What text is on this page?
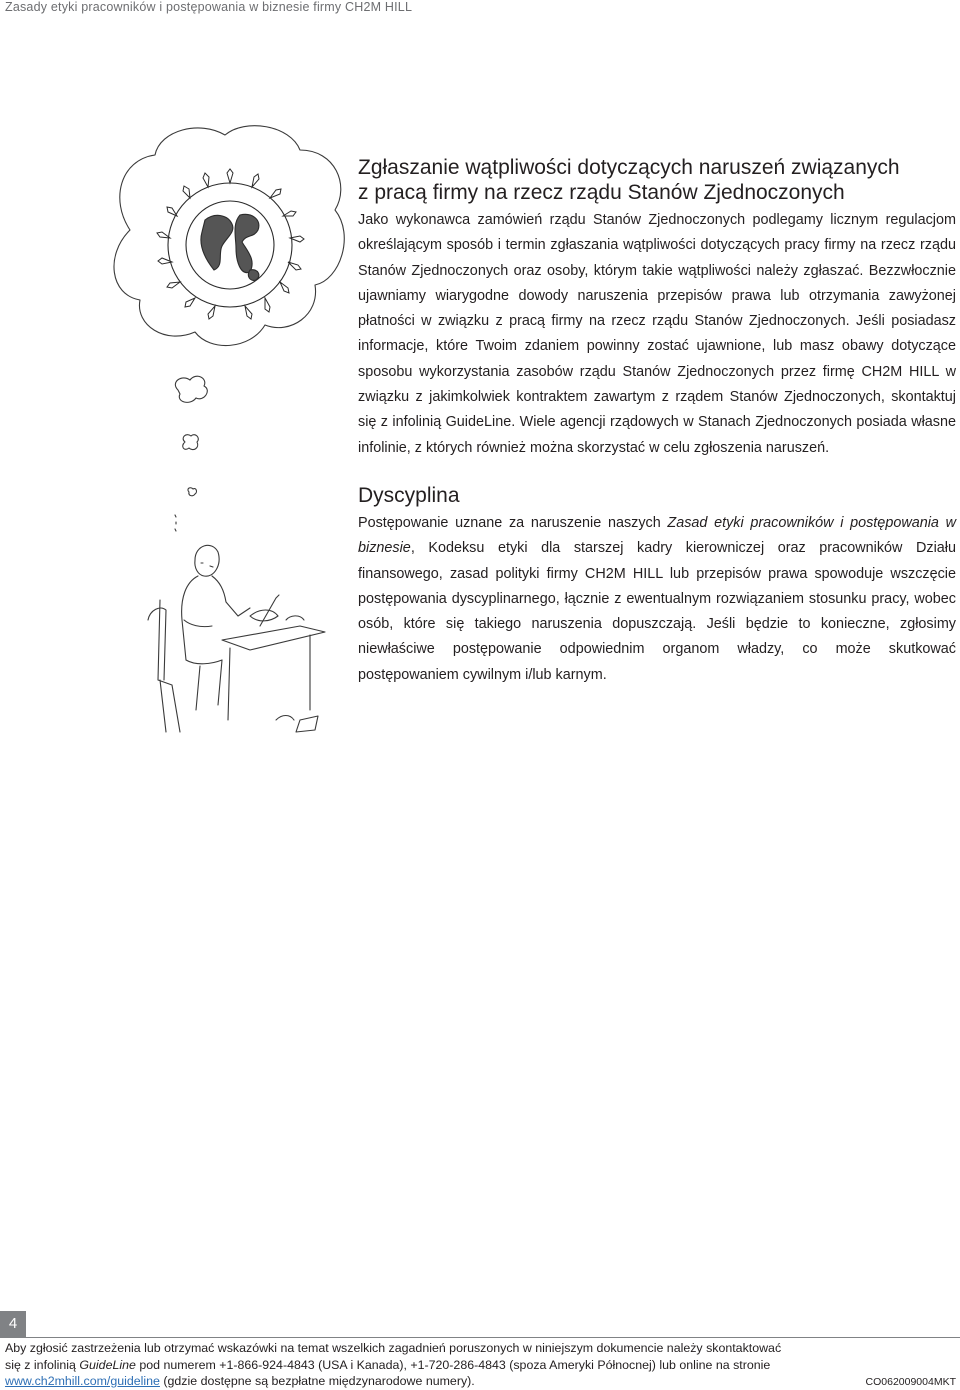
Zasady etyki pracowników i postępowania w biznesie firmy CH2M HILL
Zgłaszanie wątpliwości dotyczących naruszeń związanych
z pracą firmy na rzecz rządu Stanów Zjednoczonych

Jako wykonawca zamówień rządu Stanów Zjednoczonych podlegamy licznym regulacjom określającym sposób i termin zgłaszania wątpliwości dotyczących pracy firmy na rzecz rządu Stanów Zjednoczonych oraz osoby, którym takie wątpliwości należy zgłaszać. Bezzwłocznie ujawniamy wiarygodne dowody naruszenia przepisów prawa lub otrzymania zawyżonej płatności w związku z pracą firmy na rzecz rządu Stanów Zjednoczonych. Jeśli posiadasz informacje, które Twoim zdaniem powinny zostać ujawnione, lub masz obawy dotyczące sposobu wykorzystania zasobów rządu Stanów Zjednoczonych przez firmę CH2M HILL w związku z jakimkolwiek kontraktem zawartym z rządem Stanów Zjednoczonych, skontaktuj się z infolinią GuideLine. Wiele agencji rządowych w Stanach Zjednoczonych posiada własne infolinie, z których również można skorzystać w celu zgłoszenia naruszeń.

Dyscyplina

Postępowanie uznane za naruszenie naszych Zasad etyki pracowników i postępowania w biznesie, Kodeksu etyki dla starszej kadry kierowniczej oraz pracowników Działu finansowego, zasad polityki firmy CH2M HILL lub przepisów prawa spowoduje wszczęcie postępowania dyscyplinarnego, łącznie z ewentualnym rozwiązaniem stosunku pracy, wobec osób, które się takiego naruszenia dopuszczają. Jeśli będzie to konieczne, zgłosimy niewłaściwe postępowanie odpowiednim organom władzy, co może skutkować postępowaniem cywilnym i/lub karnym.

4
Aby zgłosić zastrzeżenia lub otrzymać wskazówki na temat wszelkich zagadnień poruszonych w niniejszym dokumencie należy skontaktować
się z infolinią GuideLine pod numerem +1-866-924-4843 (USA i Kanada), +1-720-286-4843 (spoza Ameryki Północnej) lub online na stronie
www.ch2mhill.com/guideline (gdzie dostępne są bezpłatne międzynarodowe numery).	CO062009004MKT
